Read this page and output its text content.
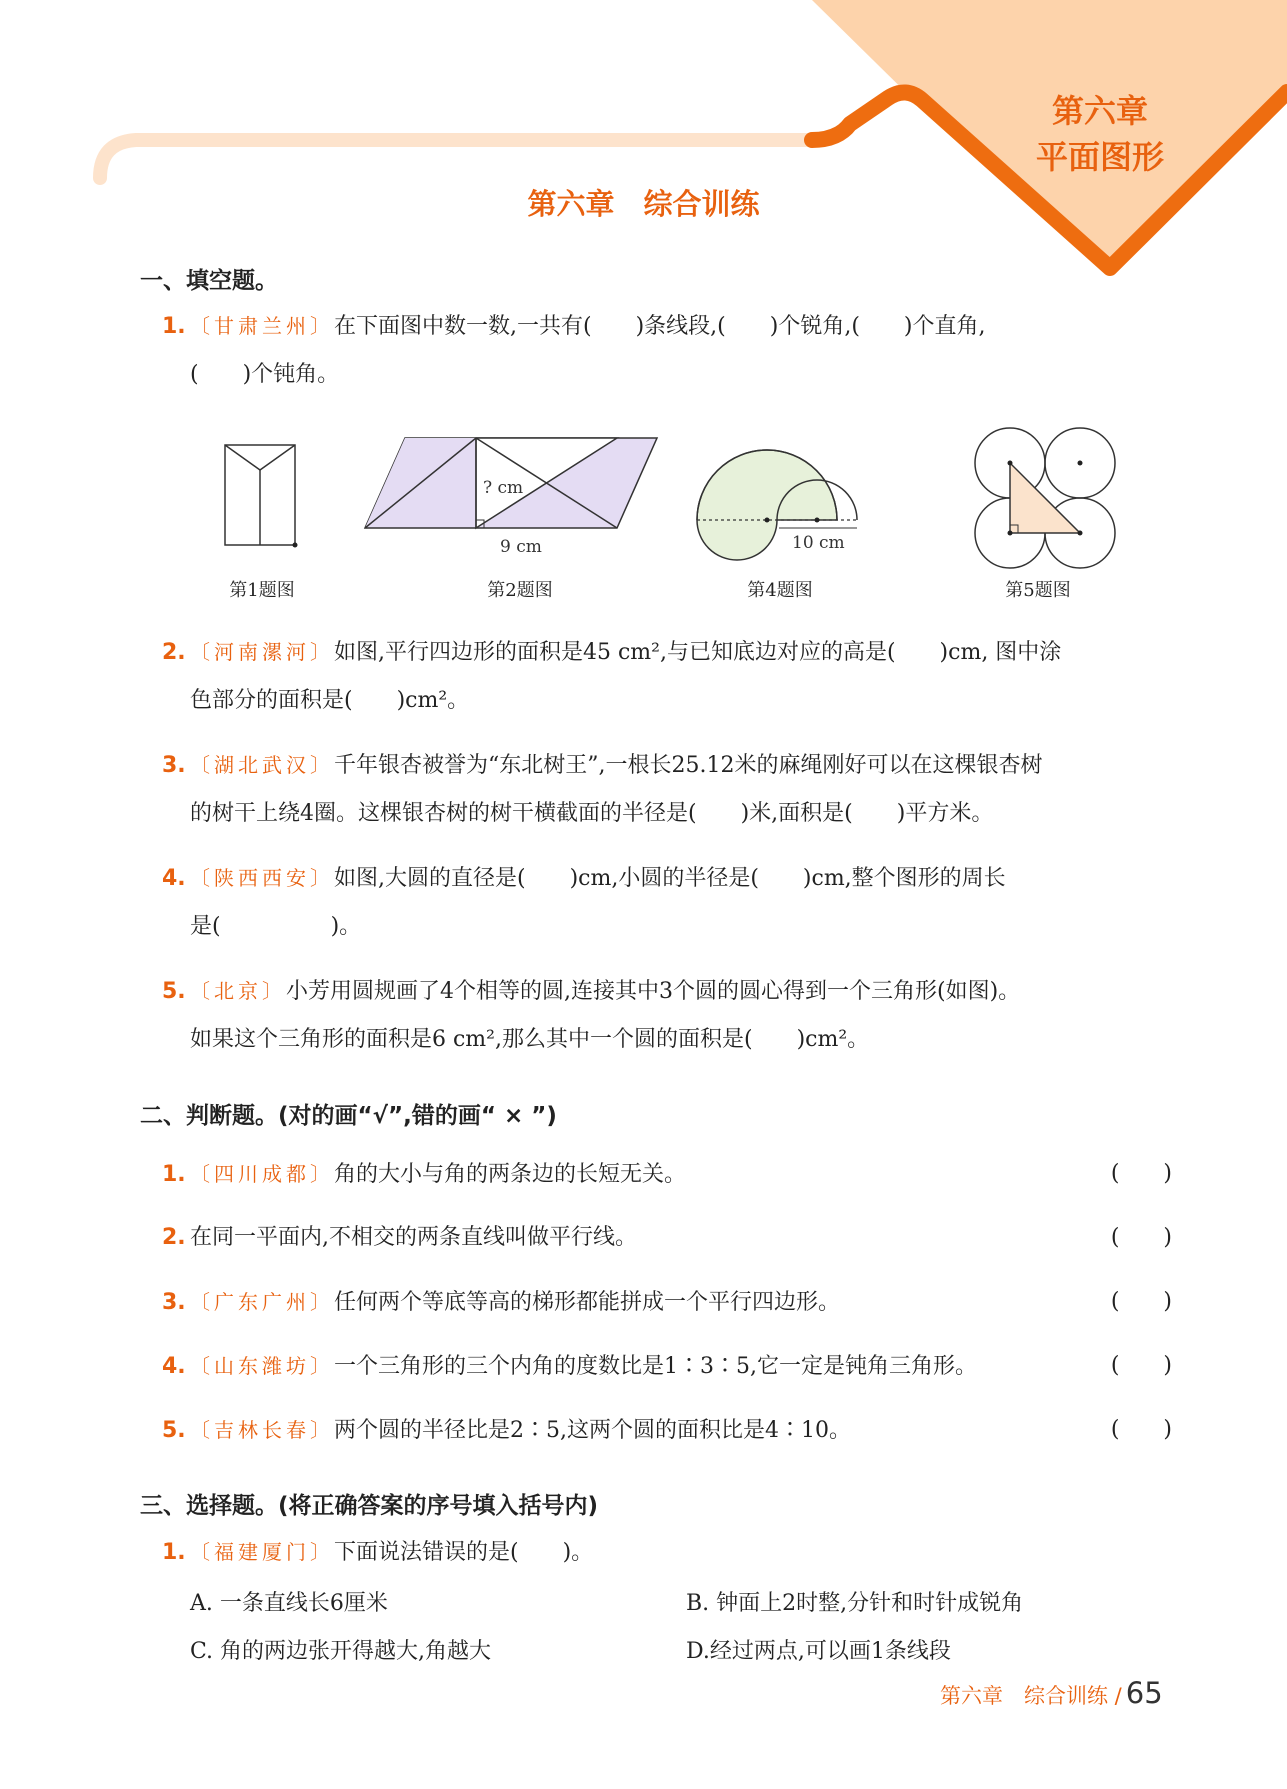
第六章
平面图形
第六章　综合训练
一、填空题。
1. 〔甘肃兰州〕在下面图中数一数,一共有(　　)条线段,(　　)个锐角,(　　)个直角,
(　　)个钝角。
? cm
9 cm	10 cm
第1题图	第2题图	第4题图	第5题图
2. 〔河南漯河〕如图,平行四边形的面积是45 cm²,与已知底边对应的高是(　　)cm, 图中涂
色部分的面积是(　　)cm²。
3. 〔湖北武汉〕千年银杏被誉为“东北树王”,一根长25.12米的麻绳刚好可以在这棵银杏树
的树干上绕4圈。这棵银杏树的树干横截面的半径是(　　)米,面积是(　　)平方米。
4. 〔陕西西安〕如图,大圆的直径是(　　)cm,小圆的半径是(　　)cm,整个图形的周长
是(　　　　　)。
5. 〔北京〕小芳用圆规画了4个相等的圆,连接其中3个圆的圆心得到一个三角形(如图)。
如果这个三角形的面积是6 cm²,那么其中一个圆的面积是(　　)cm²。
二、判断题。(对的画“√”,错的画“ × ”)
1. 〔四川成都〕角的大小与角的两条边的长短无关。	(　　)
2. 在同一平面内,不相交的两条直线叫做平行线。	(　　)
3. 〔广东广州〕任何两个等底等高的梯形都能拼成一个平行四边形。	(　　)
4. 〔山东潍坊〕一个三角形的三个内角的度数比是1∶3∶5,它一定是钝角三角形。	(　　)
5. 〔吉林长春〕两个圆的半径比是2∶5,这两个圆的面积比是4∶10。	(　　)
三、选择题。(将正确答案的序号填入括号内)
1. 〔福建厦门〕下面说法错误的是(　　)。
A. 一条直线长6厘米	B. 钟面上2时整,分针和时针成锐角
C. 角的两边张开得越大,角越大	D.经过两点,可以画1条线段
第六章　综合训练 / 65
